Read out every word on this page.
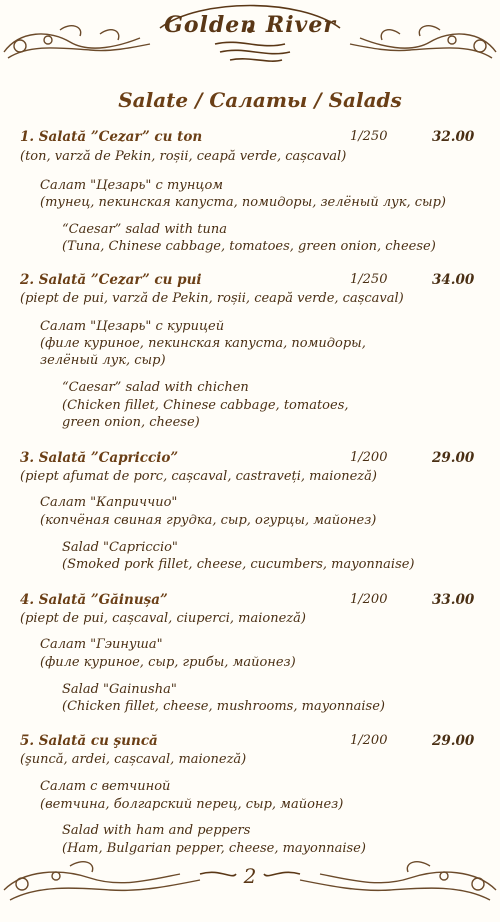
Golden River
Salate / Салаты / Salads
1. Salată ”Cezar” cu ton	1/250	32.00
(ton, varză de Pekin, roșii, ceapă verde, cașcaval)
Салат "Цезарь" с тунцом
(тунец, пекинская капуста, помидоры, зелёный лук, сыр)
“Caesar” salad with tuna
(Tuna, Chinese cabbage, tomatoes, green onion, cheese)
2. Salată ”Cezar” cu pui	1/250	34.00
(piept de pui, varză de Pekin, roșii, ceapă verde, cașcaval)
Салат "Цезарь" с курицей
(филе куриное, пекинская капуста, помидоры,
зелёный лук, сыр)
“Caesar” salad with chichen
(Chicken fillet, Chinese cabbage, tomatoes,
green onion, cheese)
3. Salată ”Capriccio”	1/200	29.00
(piept afumat de porc, cașcaval, castraveți, maioneză)
Салат "Каприччио"
(копчёная свиная грудка, сыр, огурцы, майонез)
Salad "Capriccio"
(Smoked pork fillet, cheese, cucumbers, mayonnaise)
4. Salată ”Găinușa”	1/200	33.00
(piept de pui, cașcaval, ciuperci, maioneză)
Салат "Гэинуша"
(филе куриное, сыр, грибы, майонез)
Salad "Gainusha"
(Chicken fillet, cheese, mushrooms, mayonnaise)
5. Salată cu şuncă	1/200	29.00
(şuncă, ardei, cașcaval, maioneză)
Салат с ветчиной
(ветчина, болгарский перец, сыр, майонез)
Salad with ham and peppers
(Ham, Bulgarian pepper, cheese, mayonnaise)
2
